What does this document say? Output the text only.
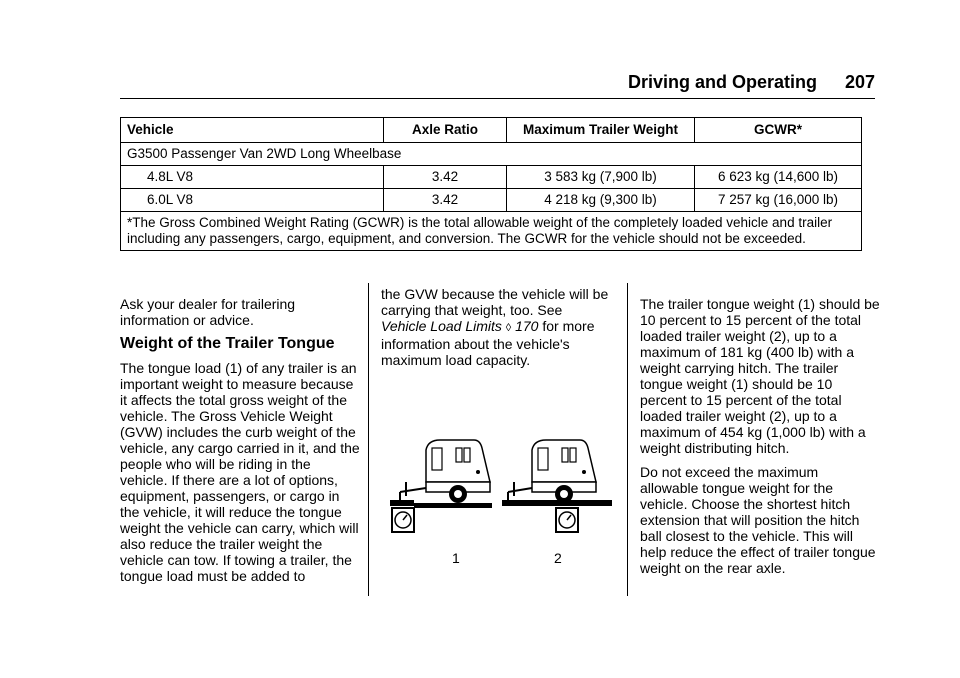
Driving and Operating 207
Vehicle	Axle Ratio	Maximum Trailer Weight	GCWR*
G3500 Passenger Van 2WD Long Wheelbase			
4.8L V8	3.42	3 583 kg (7,900 lb)	6 623 kg (14,600 lb)
6.0L V8	3.42	4 218 kg (9,300 lb)	7 257 kg (16,000 lb)
*The Gross Combined Weight Rating (GCWR) is the total allowable weight of the completely loaded vehicle and trailer including any passengers, cargo, equipment, and conversion. The GCWR for the vehicle should not be exceeded.			

Ask your dealer for trailering information or advice.

Weight of the Trailer Tongue

The tongue load (1) of any trailer is an important weight to measure because it affects the total gross weight of the vehicle. The Gross Vehicle Weight (GVW) includes the curb weight of the vehicle, any cargo carried in it, and the people who will be riding in the vehicle. If there are a lot of options, equipment, passengers, or cargo in the vehicle, it will reduce the tongue weight the vehicle can carry, which will also reduce the trailer weight the vehicle can tow. If towing a trailer, the tongue load must be added to

the GVW because the vehicle will be carrying that weight, too. See Vehicle Load Limits ◊ 170 for more information about the vehicle's maximum load capacity.

1	2

The trailer tongue weight (1) should be 10 percent to 15 percent of the total loaded trailer weight (2), up to a maximum of 181 kg (400 lb) with a weight carrying hitch. The trailer tongue weight (1) should be 10 percent to 15 percent of the total loaded trailer weight (2), up to a maximum of 454 kg (1,000 lb) with a weight distributing hitch.

Do not exceed the maximum allowable tongue weight for the vehicle. Choose the shortest hitch extension that will position the hitch ball closest to the vehicle. This will help reduce the effect of trailer tongue weight on the rear axle.
